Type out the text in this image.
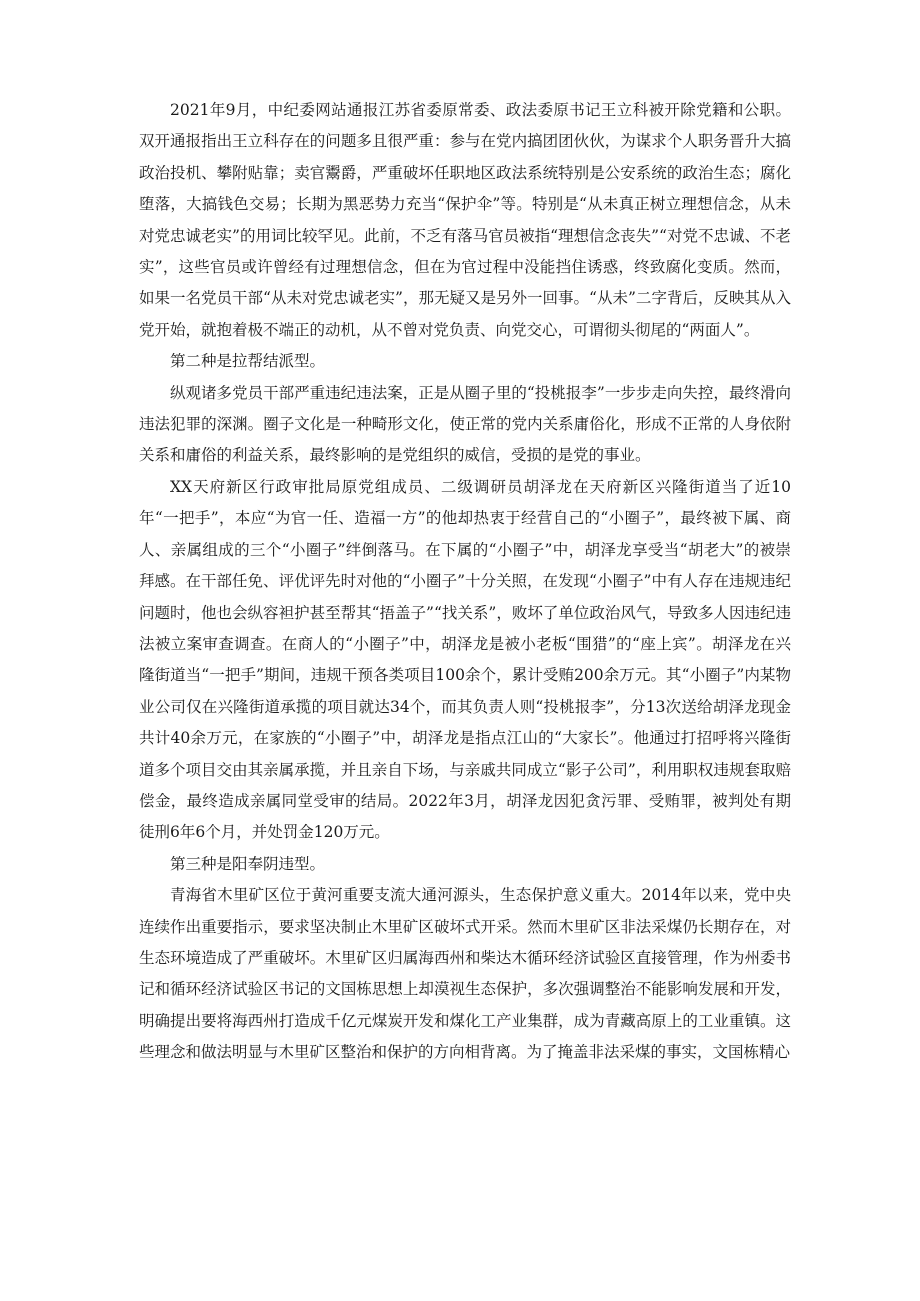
2021年9月，中纪委网站通报江苏省委原常委、政法委原书记王立科被开除党籍和公职。双开通报指出王立科存在的问题多且很严重：参与在党内搞团团伙伙，为谋求个人职务晋升大搞政治投机、攀附贴靠；卖官鬻爵，严重破坏任职地区政法系统特别是公安系统的政治生态；腐化堕落，大搞钱色交易；长期为黑恶势力充当“保护伞”等。特别是“从未真正树立理想信念，从未对党忠诚老实”的用词比较罕见。此前，不乏有落马官员被指“理想信念丧失”“对党不忠诚、不老实”，这些官员或许曾经有过理想信念，但在为官过程中没能挡住诱惑，终致腐化变质。然而，如果一名党员干部“从未对党忠诚老实”，那无疑又是另外一回事。“从未”二字背后，反映其从入党开始，就抱着极不端正的动机，从不曾对党负责、向党交心，可谓彻头彻尾的“两面人”。

第二种是拉帮结派型。

纵观诸多党员干部严重违纪违法案，正是从圈子里的“投桃报李”一步步走向失控，最终滑向违法犯罪的深渊。圈子文化是一种畸形文化，使正常的党内关系庸俗化，形成不正常的人身依附关系和庸俗的利益关系，最终影响的是党组织的威信，受损的是党的事业。

XX天府新区行政审批局原党组成员、二级调研员胡泽龙在天府新区兴隆街道当了近10年“一把手”，本应“为官一任、造福一方”的他却热衷于经营自己的“小圈子”，最终被下属、商人、亲属组成的三个“小圈子”绊倒落马。在下属的“小圈子”中，胡泽龙享受当“胡老大”的被崇拜感。在干部任免、评优评先时对他的“小圈子”十分关照，在发现“小圈子”中有人存在违规违纪问题时，他也会纵容袒护甚至帮其“捂盖子”“找关系”，败坏了单位政治风气，导致多人因违纪违法被立案审查调查。在商人的“小圈子”中，胡泽龙是被小老板“围猎”的“座上宾”。胡泽龙在兴隆街道当“一把手”期间，违规干预各类项目100余个，累计受贿200余万元。其“小圈子”内某物业公司仅在兴隆街道承揽的项目就达34个，而其负责人则“投桃报李”，分13次送给胡泽龙现金共计40余万元，在家族的“小圈子”中，胡泽龙是指点江山的“大家长”。他通过打招呼将兴隆街道多个项目交由其亲属承揽，并且亲自下场，与亲戚共同成立“影子公司”，利用职权违规套取赔偿金，最终造成亲属同堂受审的结局。2022年3月，胡泽龙因犯贪污罪、受贿罪，被判处有期徒刑6年6个月，并处罚金120万元。

第三种是阳奉阴违型。

青海省木里矿区位于黄河重要支流大通河源头，生态保护意义重大。2014年以来，党中央连续作出重要指示，要求坚决制止木里矿区破坏式开采。然而木里矿区非法采煤仍长期存在，对生态环境造成了严重破坏。木里矿区归属海西州和柴达木循环经济试验区直接管理，作为州委书记和循环经济试验区书记的文国栋思想上却漠视生态保护，多次强调整治不能影响发展和开发，明确提出要将海西州打造成千亿元煤炭开发和煤化工产业集群，成为青藏高原上的工业重镇。这些理念和做法明显与木里矿区整治和保护的方向相背离。为了掩盖非法采煤的事实，文国栋精心
